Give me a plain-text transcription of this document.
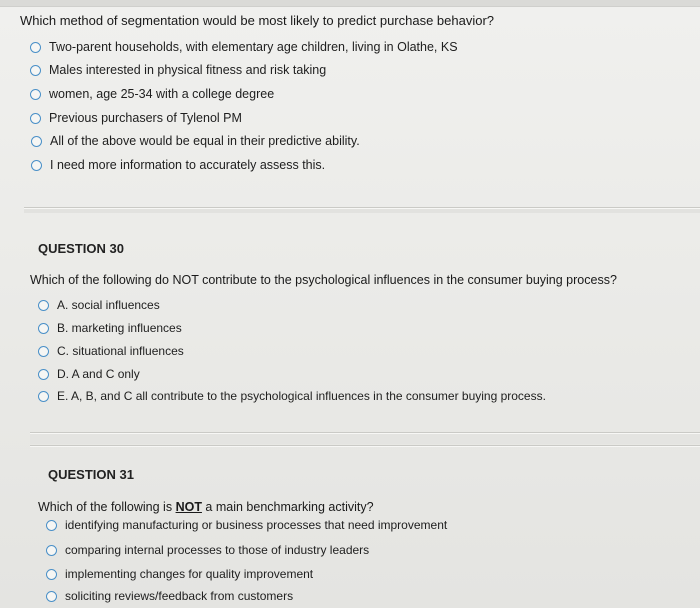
Which method of segmentation would be most likely to predict purchase behavior?
Two-parent households, with elementary age children, living in Olathe, KS
Males interested in physical fitness and risk taking
women, age 25-34 with a college degree
Previous purchasers of Tylenol PM
All of the above would be equal in their predictive ability.
I need more information to accurately assess this.
QUESTION 30
Which of the following do NOT contribute to the psychological influences in the consumer buying process?
A. social influences
B. marketing influences
C. situational influences
D. A and C only
E. A, B, and C all contribute to the psychological influences in the consumer buying process.
QUESTION 31
Which of the following is NOT a main benchmarking activity?
identifying manufacturing or business processes that need improvement
comparing internal processes to those of industry leaders
implementing changes for quality improvement
soliciting reviews/feedback from customers
